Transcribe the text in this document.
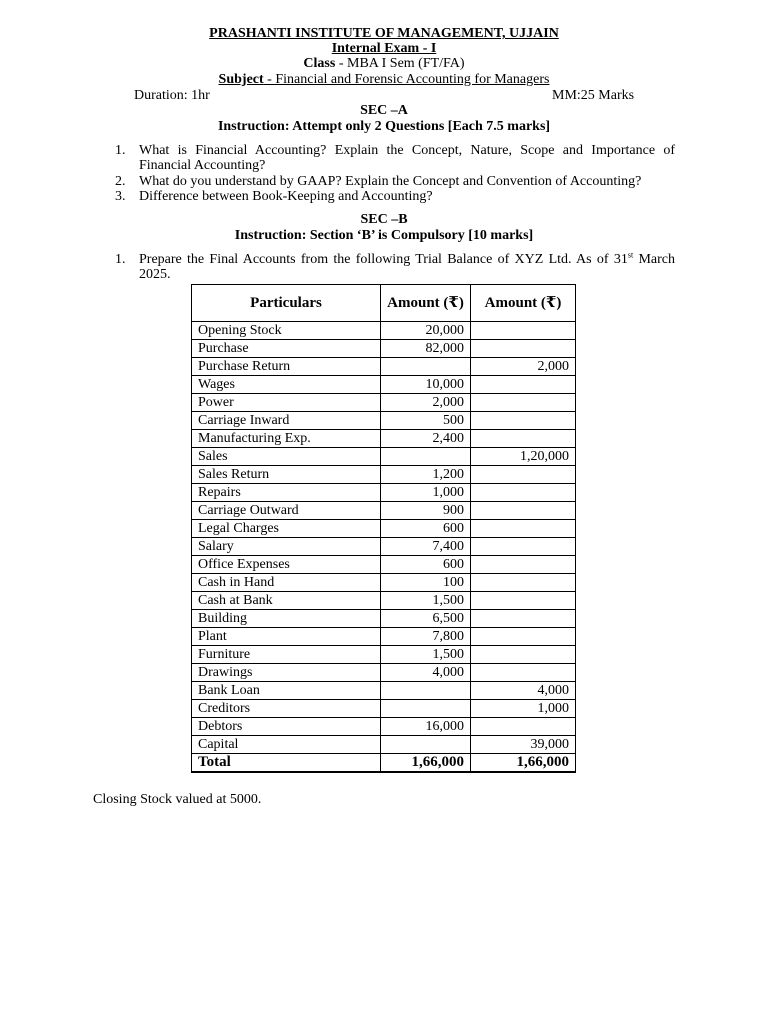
PRASHANTI INSTITUTE OF MANAGEMENT, UJJAIN
Internal Exam - I
Class - MBA I Sem (FT/FA)
Subject - Financial and Forensic Accounting for Managers
Duration: 1hr	MM:25 Marks
SEC –A
Instruction: Attempt only 2 Questions [Each 7.5 marks]
1. What is Financial Accounting? Explain the Concept, Nature, Scope and Importance of Financial Accounting?
2. What do you understand by GAAP? Explain the Concept and Convention of Accounting?
3. Difference between Book-Keeping and Accounting?
SEC –B
Instruction: Section ‘B’ is Compulsory [10 marks]
1. Prepare the Final Accounts from the following Trial Balance of XYZ Ltd. As of 31st March 2025.
Particulars	Amount (₹)	Amount (₹)
Opening Stock	20,000	
Purchase	82,000	
Purchase Return		2,000
Wages	10,000	
Power	2,000	
Carriage Inward	500	
Manufacturing Exp.	2,400	
Sales		1,20,000
Sales Return	1,200	
Repairs	1,000	
Carriage Outward	900	
Legal Charges	600	
Salary	7,400	
Office Expenses	600	
Cash in Hand	100	
Cash at Bank	1,500	
Building	6,500	
Plant	7,800	
Furniture	1,500	
Drawings	4,000	
Bank Loan		4,000
Creditors		1,000
Debtors	16,000	
Capital		39,000
Total	1,66,000	1,66,000
Closing Stock valued at 5000.
